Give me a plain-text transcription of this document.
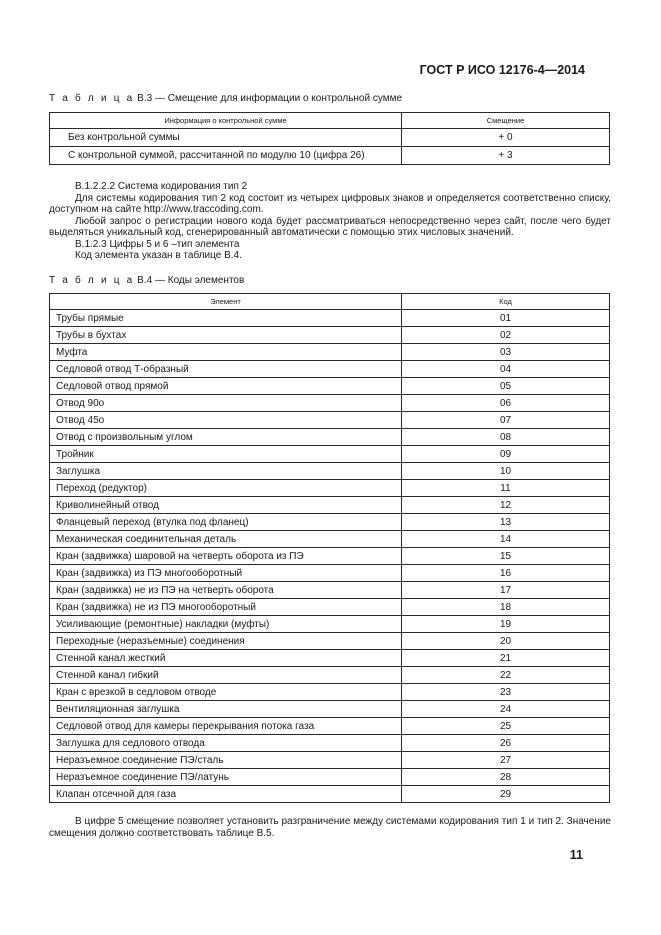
ГОСТ Р ИСО 12176-4—2014
Т а б л и ц а В.3 — Смещение для информации о контрольной сумме
Информация о контрольной сумме	Смещение
Без контрольной суммы	+ 0
С контрольной суммой, рассчитанной по модулю 10 (цифра 26)	+ 3

В.1.2.2.2 Система кодирования тип 2

Для системы кодирования тип 2 код состоит из четырех цифровых знаков и определяется соответственно списку, доступном на сайте http://www.traccoding.com.

Любой запрос о регистрации нового кода будет рассматриваться непосредственно через сайт, после чего будет выделяться уникальный код, сгенерированный автоматически с помощью этих числовых значений.

В.1.2.3 Цифры 5 и 6 –тип элемента

Код элемента указан в таблице В.4.

Т а б л и ц а В.4 — Коды элементов
Элемент	Код
Трубы прямые	01
Трубы в бухтах	02
Муфта	03
Седловой отвод Т-образный	04
Седловой отвод прямой	05
Отвод 90о	06
Отвод 45о	07
Отвод с произвольным углом	08
Тройник	09
Заглушка	10
Переход (редуктор)	11
Криволинейный отвод	12
Фланцевый переход (втулка под фланец)	13
Механическая соединительная деталь	14
Кран (задвижка) шаровой на четверть оборота из ПЭ	15
Кран (задвижка) из ПЭ многооборотный	16
Кран (задвижка) не из ПЭ на четверть оборота	17
Кран (задвижка) не из ПЭ многооборотный	18
Усиливающие (ремонтные) накладки (муфты)	19
Переходные (неразъемные) соединения	20
Стенной канал жесткий	21
Стенной канал гибкий	22
Кран с врезкой в седловом отводе	23
Вентиляционная заглушка	24
Седловой отвод для камеры перекрывания потока газа	25
Заглушка для седлового отвода	26
Неразъемное соединение ПЭ/сталь	27
Неразъемное соединение ПЭ/латунь	28
Клапан отсечной для газа	29

В цифре 5 смещение позволяет установить разграничение между системами кодирования тип 1 и тип 2. Значение смещения должно соответствовать таблице В.5.

11
